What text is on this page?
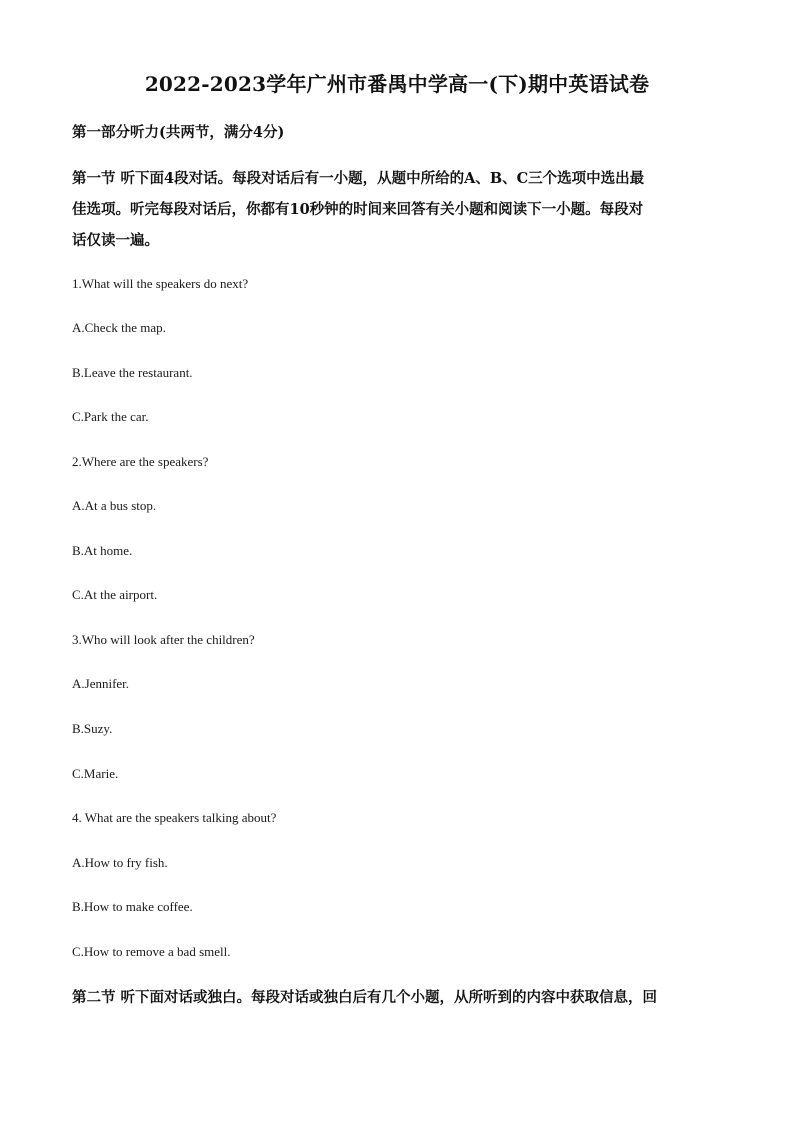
2022-2023学年广州市番禺中学高一(下)期中英语试卷
第一部分听力(共两节，满分4分)
第一节 听下面4段对话。每段对话后有一小题，从题中所给的A、B、C三个选项中选出最
佳选项。听完每段对话后，你都有10秒钟的时间来回答有关小题和阅读下一小题。每段对
话仅读一遍。
1.What will the speakers do next?
A.Check the map.
B.Leave the restaurant.
C.Park the car.
2.Where are the speakers?
A.At a bus stop.
B.At home.
C.At the airport.
3.Who will look after the children?
A.Jennifer.
B.Suzy.
C.Marie.
4. What are the speakers talking about?
A.How to fry fish.
B.How to make coffee.
C.How to remove a bad smell.
第二节 听下面对话或独白。每段对话或独白后有几个小题，从所听到的内容中获取信息，回
